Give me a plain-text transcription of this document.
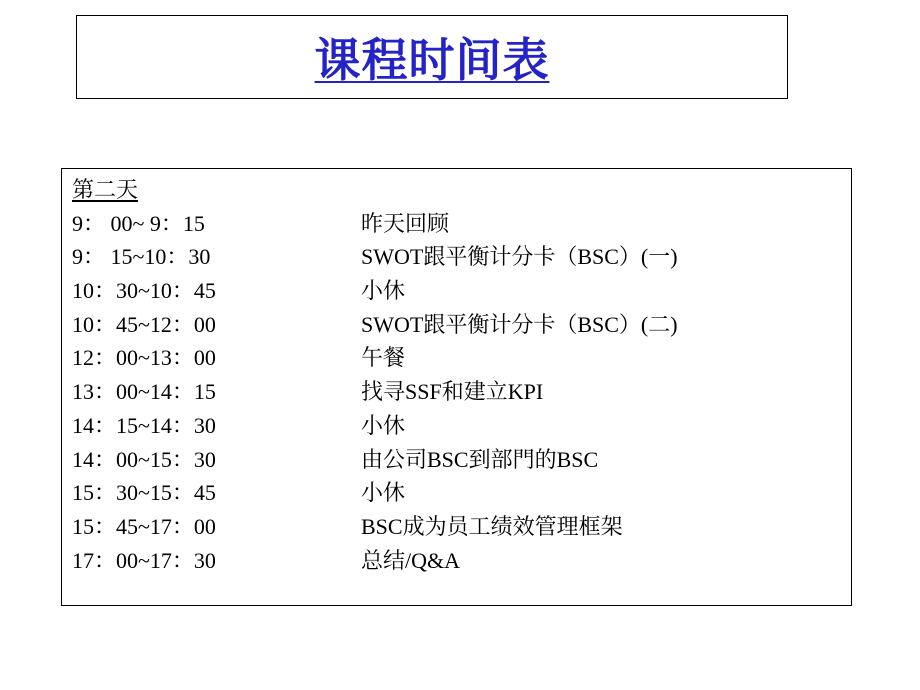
课程时间表
第二天
9： 00~ 9：15	昨天回顾
9： 15~10：30	SWOT跟平衡计分卡（BSC）(一)
10：30~10：45	小休
10：45~12：00	SWOT跟平衡计分卡（BSC）(二)
12：00~13：00	午餐
13：00~14：15	找寻SSF和建立KPI
14：15~14：30	小休
14：00~15：30	由公司BSC到部門的BSC
15：30~15：45	小休
15：45~17：00	BSC成为员工绩效管理框架
17：00~17：30	总结/Q&A
